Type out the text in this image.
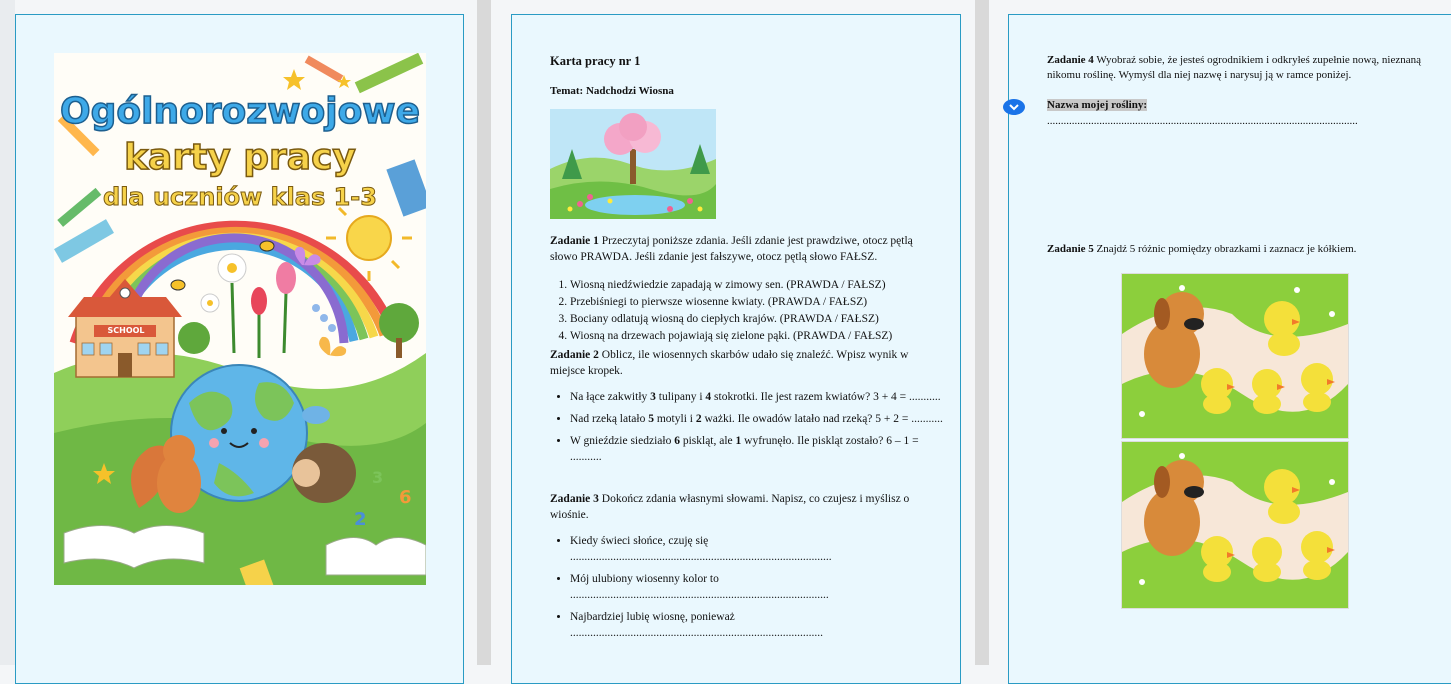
2
6
3
Ogólnorozwojowe
karty pracy
dla uczniów klas 1-3
SCHOOL
Karta pracy nr 1
Temat: Nadchodzi Wiosna
Zadanie 1 Przeczytaj poniższe zdania. Jeśli zdanie jest prawdziwe, otocz pętlą słowo PRAWDA. Jeśli zdanie jest fałszywe, otocz pętlą słowo FAŁSZ.
1. Wiosną niedźwiedzie zapadają w zimowy sen. (PRAWDA / FAŁSZ)
2. Przebiśniegi to pierwsze wiosenne kwiaty. (PRAWDA / FAŁSZ)
3. Bociany odlatują wiosną do ciepłych krajów. (PRAWDA / FAŁSZ)
4. Wiosną na drzewach pojawiają się zielone pąki. (PRAWDA / FAŁSZ)
Zadanie 2 Oblicz, ile wiosennych skarbów udało się znaleźć. Wpisz wynik w miejsce kropek.
• Na łące zakwitły 3 tulipany i 4 stokrotki. Ile jest razem kwiatów? 3 + 4 = ...........
• Nad rzeką latało 5 motyli i 2 ważki. Ile owadów latało nad rzeką? 5 + 2 = ...........
• W gnieździe siedziało 6 piskląt, ale 1 wyfrunęło. Ile piskląt zostało? 6 – 1 = ...........
Zadanie 3 Dokończ zdania własnymi słowami. Napisz, co czujesz i myślisz o wiośnie.
• Kiedy świeci słońce, czuję się
...........................................................................................
• Mój ulubiony wiosenny kolor to
..........................................................................................
• Najbardziej lubię wiosnę, ponieważ
........................................................................................
Zadanie 4 Wyobraź sobie, że jesteś ogrodnikiem i odkryłeś zupełnie nową, nieznaną nikomu roślinę. Wymyśl dla niej nazwę i narysuj ją w ramce poniżej.
Nazwa mojej rośliny:
.................................................................................................................
Zadanie 5 Znajdź 5 różnic pomiędzy obrazkami i zaznacz je kółkiem.
